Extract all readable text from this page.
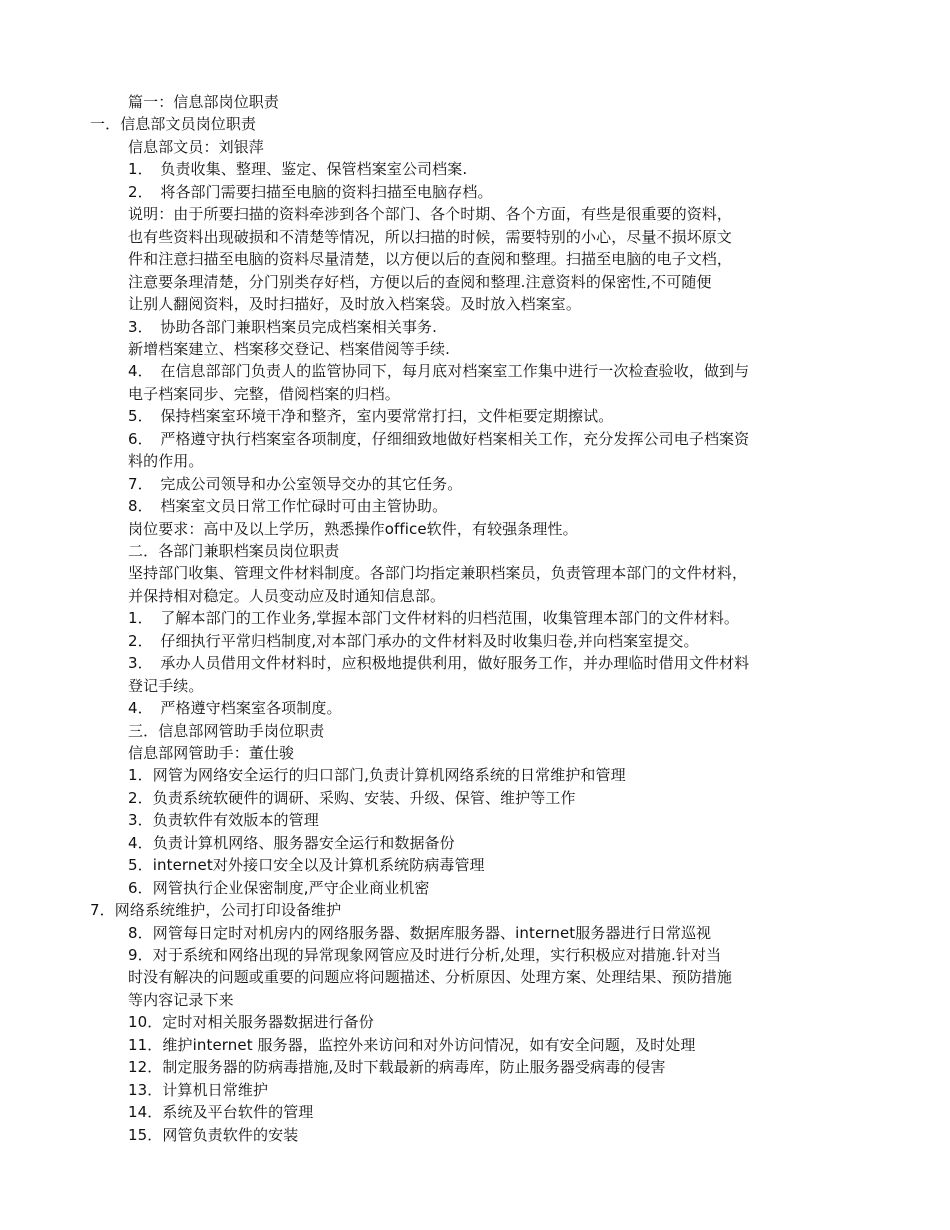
篇一：信息部岗位职责
一．信息部文员岗位职责
信息部文员：刘银萍
1．　负责收集、整理、鉴定、保管档案室公司档案.
2．　将各部门需要扫描至电脑的资料扫描至电脑存档。
说明：由于所要扫描的资料牵涉到各个部门、各个时期、各个方面，有些是很重要的资料，
也有些资料出现破损和不清楚等情况，所以扫描的时候，需要特别的小心，尽量不损坏原文
件和注意扫描至电脑的资料尽量清楚，以方便以后的查阅和整理。扫描至电脑的电子文档，
注意要条理清楚，分门别类存好档，方便以后的查阅和整理.注意资料的保密性,不可随便
让别人翻阅资料，及时扫描好，及时放入档案袋。及时放入档案室。
3．　协助各部门兼职档案员完成档案相关事务.
新增档案建立、档案移交登记、档案借阅等手续.
4．　在信息部部门负责人的监管协同下，每月底对档案室工作集中进行一次检查验收，做到与
电子档案同步、完整，借阅档案的归档。
5．　保持档案室环境干净和整齐，室内要常常打扫，文件柜要定期擦试。
6．　严格遵守执行档案室各项制度，仔细细致地做好档案相关工作，充分发挥公司电子档案资
料的作用。
7．　完成公司领导和办公室领导交办的其它任务。
8．　档案室文员日常工作忙碌时可由主管协助。
岗位要求：高中及以上学历，熟悉操作office软件，有较强条理性。
二．各部门兼职档案员岗位职责
坚持部门收集、管理文件材料制度。各部门均指定兼职档案员，负责管理本部门的文件材料，
并保持相对稳定。人员变动应及时通知信息部。
1．　了解本部门的工作业务,掌握本部门文件材料的归档范围，收集管理本部门的文件材料。
2．　仔细执行平常归档制度,对本部门承办的文件材料及时收集归卷,并向档案室提交。
3．　承办人员借用文件材料时，应积极地提供利用，做好服务工作，并办理临时借用文件材料
登记手续。
4．　严格遵守档案室各项制度。
三．信息部网管助手岗位职责
信息部网管助手：董仕骏
1．网管为网络安全运行的归口部门,负责计算机网络系统的日常维护和管理
2．负责系统软硬件的调研、采购、安装、升级、保管、维护等工作
3．负责软件有效版本的管理
4．负责计算机网络、服务器安全运行和数据备份
5．internet对外接口安全以及计算机系统防病毒管理
6．网管执行企业保密制度,严守企业商业机密
7．网络系统维护，公司打印设备维护
8．网管每日定时对机房内的网络服务器、数据库服务器、internet服务器进行日常巡视
9．对于系统和网络出现的异常现象网管应及时进行分析,处理，实行积极应对措施.针对当
时没有解决的问题或重要的问题应将问题描述、分析原因、处理方案、处理结果、预防措施
等内容记录下来
10．定时对相关服务器数据进行备份
11．维护internet 服务器，监控外来访问和对外访问情况，如有安全问题，及时处理
12．制定服务器的防病毒措施,及时下载最新的病毒库，防止服务器受病毒的侵害
13．计算机日常维护
14．系统及平台软件的管理
15．网管负责软件的安装
